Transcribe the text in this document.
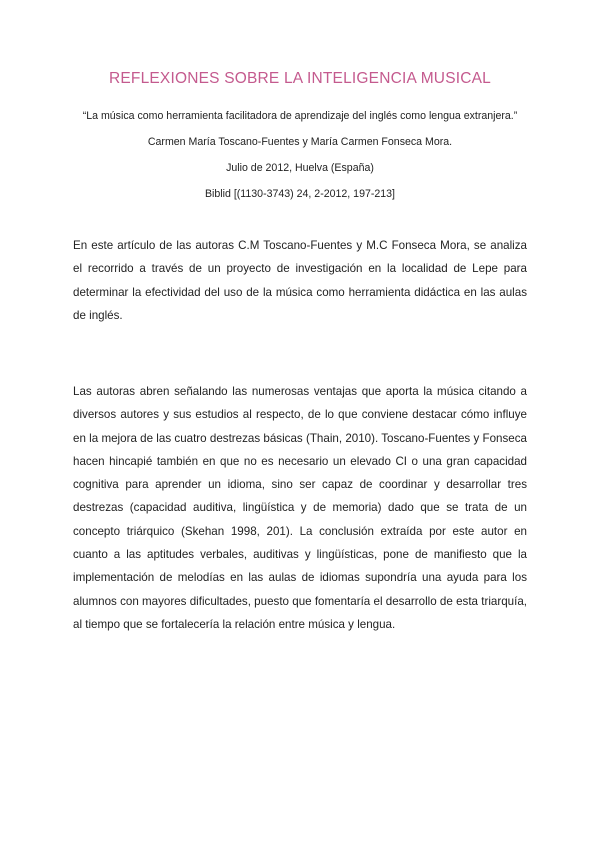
REFLEXIONES SOBRE LA INTELIGENCIA MUSICAL
“La música como herramienta facilitadora de aprendizaje del inglés como lengua extranjera.”
Carmen María Toscano-Fuentes y María Carmen Fonseca Mora.
Julio de 2012, Huelva (España)
Biblid [(1130-3743) 24, 2-2012, 197-213]

En este artículo de las autoras C.M Toscano-Fuentes y M.C Fonseca Mora, se analiza el recorrido a través de un proyecto de investigación en la localidad de Lepe para determinar la efectividad del uso de la música como herramienta didáctica en las aulas de inglés.

Las autoras abren señalando las numerosas ventajas que aporta la música citando a diversos autores y sus estudios al respecto, de lo que conviene destacar cómo influye en la mejora de las cuatro destrezas básicas (Thain, 2010). Toscano-Fuentes y Fonseca hacen hincapié también en que no es necesario un elevado CI o una gran capacidad cognitiva para aprender un idioma, sino ser capaz de coordinar y desarrollar tres destrezas (capacidad auditiva, lingüística y de memoria) dado que se trata de un concepto triárquico (Skehan 1998, 201). La conclusión extraída por este autor en cuanto a las aptitudes verbales, auditivas y lingüísticas, pone de manifiesto que la implementación de melodías en las aulas de idiomas supondría una ayuda para los alumnos con mayores dificultades, puesto que fomentaría el desarrollo de esta triarquía, al tiempo que se fortalecería la relación entre música y lengua.
